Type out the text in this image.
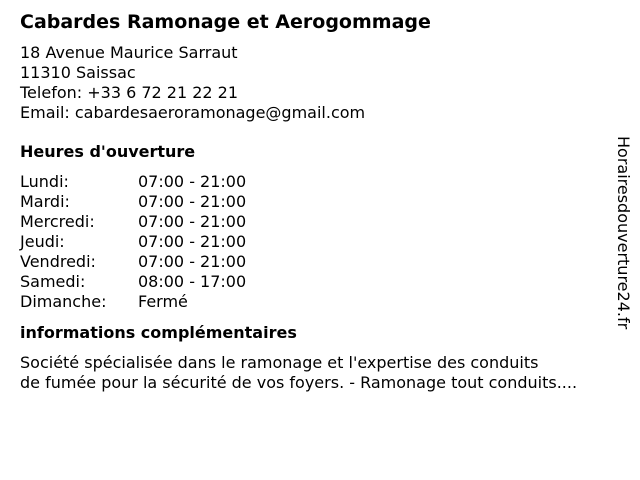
Cabardes Ramonage et Aerogommage
18 Avenue Maurice Sarraut
11310 Saissac
Telefon: +33 6 72 21 22 21
Email: cabardesaeroramonage@gmail.com
Heures d'ouverture
Lundi:	07:00 - 21:00
Mardi:	07:00 - 21:00
Mercredi:	07:00 - 21:00
Jeudi:	07:00 - 21:00
Vendredi:	07:00 - 21:00
Samedi:	08:00 - 17:00
Dimanche: Fermé
informations complémentaires
Société spécialisée dans le ramonage et l'expertise des conduits
de fumée pour la sécurité de vos foyers. - Ramonage tout conduits....
Horairesdouverture24.fr
